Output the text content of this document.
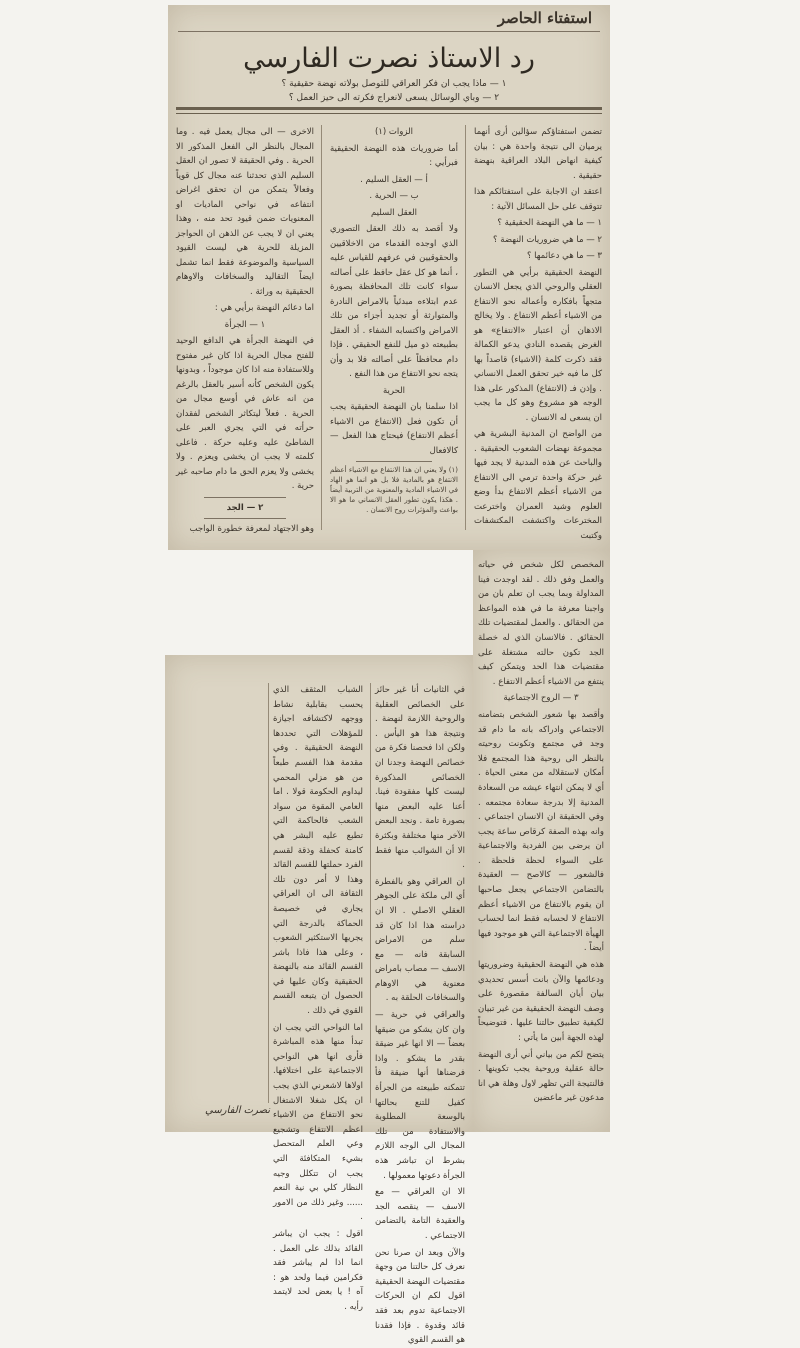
استفتاء الحاصر
رد الاستاذ نصرت الفارسي
١ — ماذا يجب ان فكر العراقي للتوصل بولاته نهضة حقيقية ؟
٢ — وباي الوسائل يسعى لانعراج فكرته الى حيز العمل ؟

تضمن استفتاؤكم سؤالين أرى أنهما يرميان الى نتيجة واحدة هي : بيان كيفية انهاض البلاد العراقية بنهضة حقيقية .

اعتقد ان الاجابة على استفتائكم هذا تتوقف على حل المسائل الآتية :

١ — ما هي النهضة الحقيقية ؟

٢ — ما هي ضروريات النهضة ؟

٣ — ما هي دعائمها ؟

النهضة الحقيقية برأيي هي التطور العقلي والروحي الذي يجعل الانسان متجهاً بافكاره وأعماله نحو الانتفاع من الاشياء أعظم الانتفاع . ولا يخالج الاذهان أن اعتبار «الانتفاع» هو الغرض يقصده النادي يدعو الكمالة فقد ذكرت كلمة (الاشياء) قاصداً بها كل ما فيه خير تحقق العمل الانساني . وإذن فـ (الانتفاع) المذكور على هذا الوجه هو مشروع وهو كل ما يجب ان يسعى له الانسان .

من الواضح ان المدنية البشرية هي مجموعة نهضات الشعوب الحقيقية . والباحث عن هذه المدنية لا يجد فيها غير حركة واحدة ترمي الى الانتفاع من الاشياء أعظم الانتفاع بدأ وضع العلوم وشيد العمران واخترعت المخترعات واكتشفت المكتشفات وكتبت

الزوات (١)

أما ضروريات هذه النهضة الحقيقية فبرأيي :

أ — العقل السليم .

ب — الحرية .

العقل السليم

ولا أقصد به ذلك العقل التصوري الذي اوجده القدماء من الاخلاقيين والحقوقيين في عرفهم للقياس عليه ، أنما هو كل عقل حافظ على أصالته سواء كانت تلك المحافظة بصورة عدم ابتلاءه مبدئياً بالامراض النادرة والمتوارثة أو تجديد أجزاء من تلك الامراض واكتسابه الشفاء . أذ العقل بطبيعته ذو ميل للنفع الحقيقي . فإذا دام محافظاً على أصالته فلا بد وأن يتجه نحو الانتفاع من هذا النفع .

الحرية

اذا سلمنا بان النهضة الحقيقية يجب أن تكون فعل (الانتفاع من الاشياء أعظم الانتفاع) فيحتاج هذا الفعل — كالافعال

(١) ولا يعني ان هذا الانتفاع مع الاشياء أعظم الانتفاع هو بالمادية فلا بل هو انما هو الهاد في الاشياء المادية والمعنوية من التربية أيضاً . هكذا يكون تطور العقل الانساني ما هو الا بواعث والمؤثرات روح الانسان .

الاخرى — الى مجال يعمل فيه . وما المجال بالنظر الى الفعل المذكور الا الحرية . وفي الحقيقة لا تصور ان العقل السليم الذي تحدثنا عنه مجال كل قوياً وفعالاً يتمكن من ان تحقق اغراض انتفاعه في نواحي الماديات او المعنويات ضمن قيود تحد منه ، وهذا يعني ان لا يجب عن الذهن ان الحواجز المزيلة للحرية هي ليست القيود السياسية والموضوعة فقط انما تشمل ايضاً التقاليد والسخافات والاوهام الحقيقية به وراثة .

اما دعائم النهضة برأيي هي :

١ — الجرأة

في النهضة الجرأة هي الدافع الوحيد للفتح مجال الحرية اذا كان غير مفتوح وللاستفادة منه اذا كان موجوداً ، وبدونها يكون الشخص كأنه أسير بالعقل بالرغم من انه عاش في أوسع مجال من الحرية . فعلاً ليتكاثر الشخص لفقدان حرأته في التي يجري العبر على الشاطئ عليه وعليه حركة . فاعلى كلمته لا يجب ان يخشى ويعزم . ولا يخشى ولا يعزم الحق ما دام صاحبه غير حرية .

٢ — الجد

وهو الاجتهاد لمعرفة خطورة الواجب

المخصص لكل شخص في حياته والعمل وفق ذلك . لقد اوجدت فينا المداولة وبما يجب ان تعلم بان من واجبنا معرفة ما في هذه المواعظ من الحقائق . والعمل لمقتضيات تلك الحقائق . فالانسان الذي له خصلة الجد تكون حالته مشتغلة على مقتضيات هذا الحد ويتمكن كيف ينتفع من الاشياء أعظم الانتفاع .

٣ — الروح الاجتماعية

وأقصد بها شعور الشخص بتضامنه الاجتماعي وادراكه بانه ما دام قد وجد في مجتمع وتكونت روحيته بالنظر الى روحية هذا المجتمع فلا أمكان لاستقلاله من معنى الحياة . أي لا يمكن انتهاء عيشه من السعادة المدنية إلا بدرجة سعادة مجتمعه . وفي الحقيقة ان الانسان اجتماعي . وانه بهذه الصفة كرقاص ساعة يجب ان يرضى بين الفردية والاجتماعية على السواء لحظة فلحظة . فالشعور — كالاصح — العقيدة بالتضامن الاجتماعي يجعل صاحبها ان يقوم بالانتفاع من الاشياء أعظم الانتفاع لا لحسابه فقط انما لحساب الهيأة الاجتماعية التي هو موجود فيها أيضاً .

هذه هي النهضة الحقيقية وضروريتها ودعائمها والآن بانت أسس تحديدي بيان أيان السالفة مقصورة على وصف النهضة الحقيقية من غير تبيان لكيفية تطبيق حالتنا عليها . فتوضيحاً لهذه الجهة أبين ما يأتي :

يتضح لكم من بياني أني أرى النهضة حالة عقلية وروحية يجب تكوينها . فالنتيجة التي تظهر لاول وهلة هي انا مدعون غير ماعضين

في الثانيات أنا غير حائز على الخصائص العقلية والروحية اللازمة لنهضة . ونتيجة هذا هو اليأس . ولكن اذا فحصنا فكرة من خصائص النهضة وجدنا ان الخصائص المذكورة ليست كلها مفقودة فينا. أعنا عليه البعض منها بصورة تامة . ونجد البعض الآخر منها مختلفة وبكثرة الا أن الشوائب منها فقط .

ان العراقي وهو بالفطرة أي الى ملكة على الجوهر العقلي الاصلي . الا ان دراسته هذا اذا كان قد سلم من الامراض السابقة فانه — مع الاسف — مصاب بامراض معنوية هي الاوهام والسخافات الحلقة به .

والعراقي في حرية — وان كان يشكو من ضيقها بعضاً — الا انها غير ضيقة بقدر ما يشكو . واذا فرضناها أنها ضيقة فأ تتمكنه طبيعته من الجرأة كفيل للتنع بحالتها بالوسعة المطلوبة والاستفادة من تلك المجال الى الوجه اللازم بشرط ان تباشر هذه الجرأة دعوتها معمولها .

الا ان العراقي — مع الاسف — ينقصه الجد والعقيدة التامة بالتضامن الاجتماعي .

والآن وبعد ان صرنا نحن نعرف كل حالتنا من وجهة مقتضيات النهضة الحقيقية اقول لكم ان الحركات الاجتماعية تدوم بعد فقد قائد وقدوة . فإذا فقدنا هو القسم القوي

الشباب المثقف الذي يحسب بقابلية نشاط ووجهه لاكتشافه اجيازة للمؤهلات التي تحددها النهضة الحقيقية . وفي مقدمة هذا الفسم طبعاً من هو مزلي المحمي ليداوم الحكومة قولا . اما العامي المقوة من سواد الشعب فالحاكمة التي تطبع عليه البشر هي كامنة كحفلة وذقة لقسم الفرد حملتها للقسم القائد وهذا لا أمر دون تلك الثقافة الى ان العراقي يجاري في خصيصة الحماكة بالدرجة التي يجريها الاستكثير الشعوب ، وعلى هذا فاذا باشر القسم القائد منه بالنهضة الحقيقية وكان عليها في الحصول ان يتبعه القسم القوي في ذلك .

اما النواحي التي يجب ان تبدأ منها هذه المباشرة فأرى انها هي النواحي الاجتماعية على اختلافها. اولاها لاشعرني الذي يجب ان يكل شغلا الاشتغال نحو الانتفاع من الاشياء اعظم الانتفاع وتشجيع وعي العلم المتحصل بشيء المتكافئة التي يجب ان تتكلل وجيه النظار كلي بي نية النعم ...... وغير ذلك من الامور .

اقول : يجب ان يباشر القائد بذلك على العمل . انما اذا لم يباشر فقد فكرامين فيما ولحد هو : آه ! يا بعض لحد لايتمد رأيه .

نصرت الفارسي
